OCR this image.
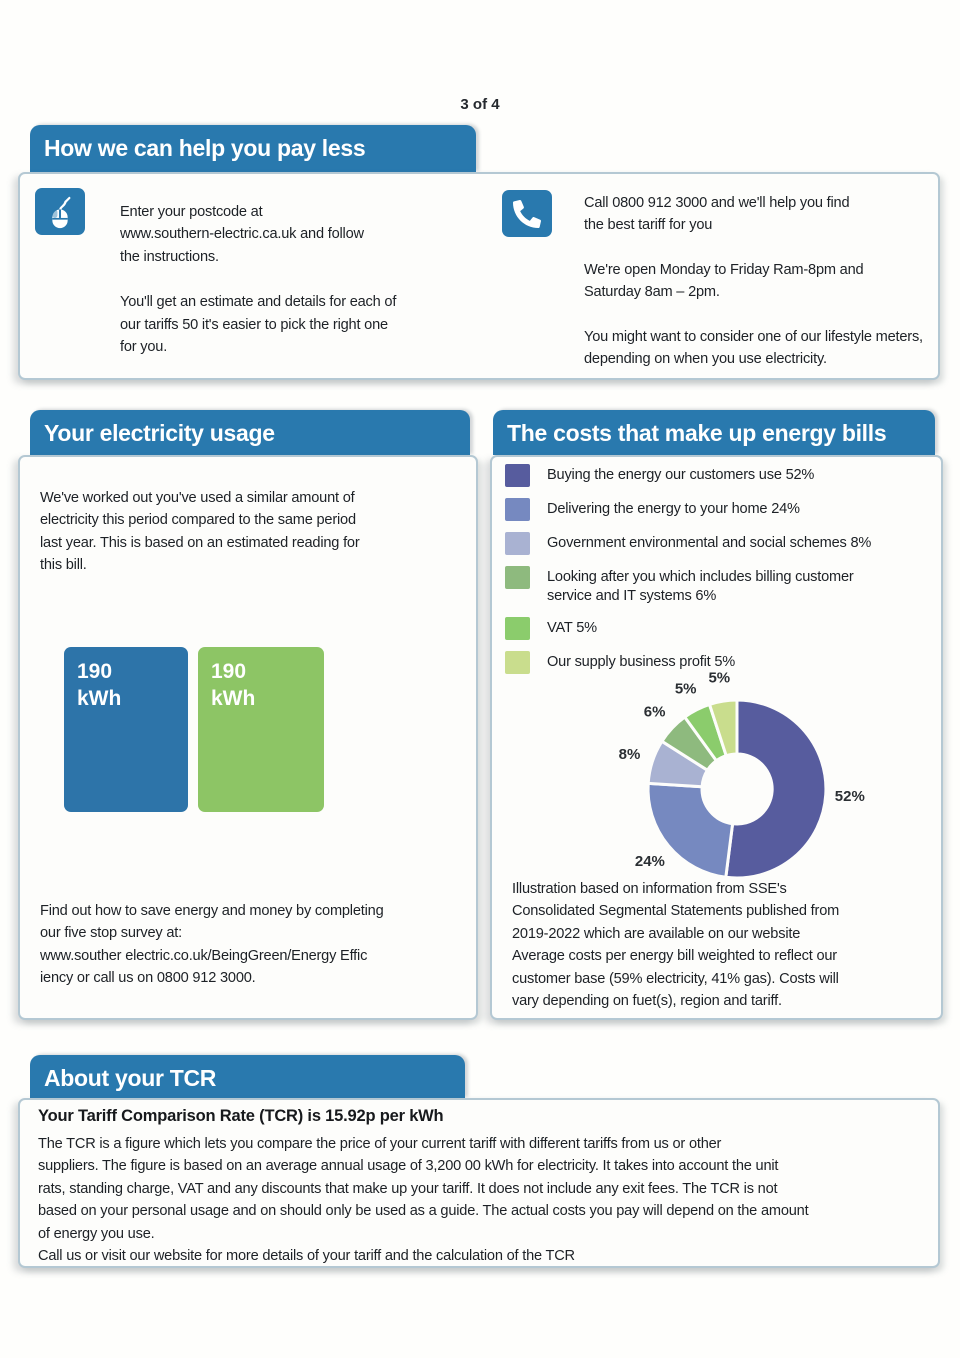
3 of 4
How we can help you pay less
Enter your postcode at
www.southern-electric.ca.uk and follow
the instructions.
You'll get an estimate and details for each of
our tariffs 50 it's easier to pick the right one
for you.
Call 0800 912 3000 and we'll help you find
the best tariff for you
We're open Monday to Friday Ram-8pm and
Saturday 8am – 2pm.
You might want to consider one of our lifestyle meters,
depending on when you use electricity.
Your electricity usage
We've worked out you've used a similar amount of
electricity this period compared to the same period
last year. This is based on an estimated reading for
this bill.
190
kWh
190
kWh
Find out how to save energy and money by completing
our five stop survey at:
www.souther electric.co.uk/BeingGreen/Energy Effic
iency or call us on 0800 912 3000.
The costs that make up energy bills
Buying the energy our customers use 52%
Delivering the energy to your home 24%
Government environmental and social schemes 8%
Looking after you which includes billing customer
service and IT systems 6%
VAT 5%
Our supply business profit 5%
52%
24%
8%
6%
5%
5%
Illustration based on information from SSE's
Consolidated Segmental Statements published from
2019-2022 which are available on our website
Average costs per energy bill weighted to reflect our
customer base (59% electricity, 41% gas). Costs will
vary depending on fuet(s), region and tariff.
About your TCR
Your Tariff Comparison Rate (TCR) is 15.92p per kWh
The TCR is a figure which lets you compare the price of your current tariff with different tariffs from us or other
suppliers. The figure is based on an average annual usage of 3,200 00 kWh for electricity. It takes into account the unit
rats, standing charge, VAT and any discounts that make up your tariff. It does not include any exit fees. The TCR is not
based on your personal usage and on should only be used as a guide. The actual costs you pay will depend on the amount
of energy you use.
Call us or visit our website for more details of your tariff and the calculation of the TCR
